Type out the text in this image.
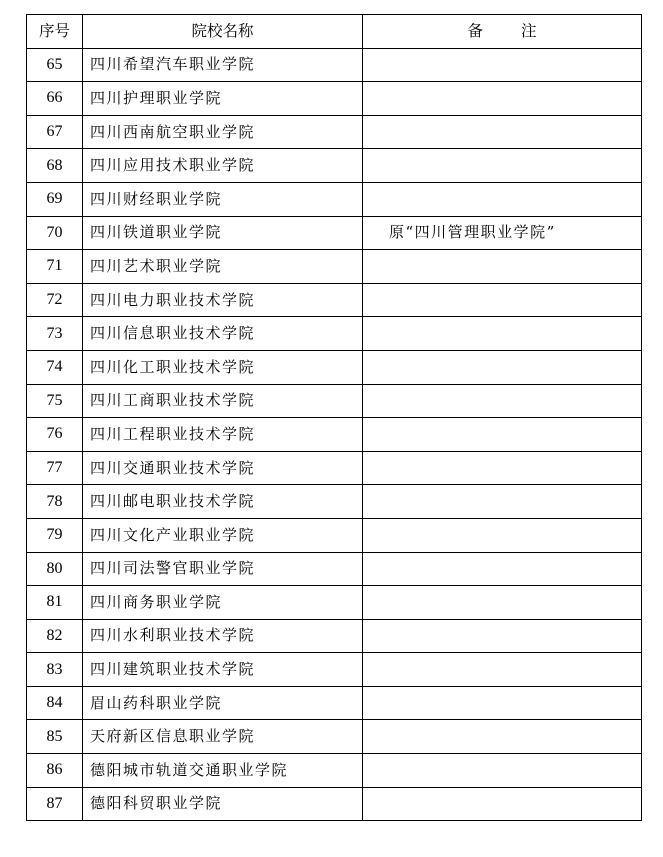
序号	院校名称	备 注
65	四川希望汽车职业学院	
66	四川护理职业学院	
67	四川西南航空职业学院	
68	四川应用技术职业学院	
69	四川财经职业学院	
70	四川铁道职业学院	原“四川管理职业学院”
71	四川艺术职业学院	
72	四川电力职业技术学院	
73	四川信息职业技术学院	
74	四川化工职业技术学院	
75	四川工商职业技术学院	
76	四川工程职业技术学院	
77	四川交通职业技术学院	
78	四川邮电职业技术学院	
79	四川文化产业职业学院	
80	四川司法警官职业学院	
81	四川商务职业学院	
82	四川水利职业技术学院	
83	四川建筑职业技术学院	
84	眉山药科职业学院	
85	天府新区信息职业学院	
86	德阳城市轨道交通职业学院	
87	德阳科贸职业学院	
